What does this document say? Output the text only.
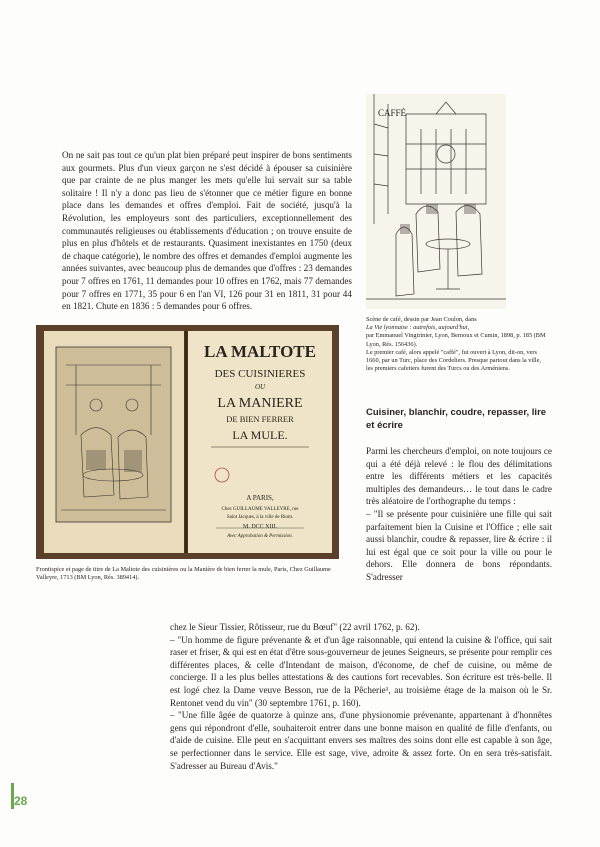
On ne sait pas tout ce qu'un plat bien préparé peut inspirer de bons sentiments aux gourmets. Plus d'un vieux garçon ne s'est décidé à épouser sa cuisinière que par crainte de ne plus manger les mets qu'elle lui servait sur sa table solitaire ! Il n'y a donc pas lieu de s'étonner que ce métier figure en bonne place dans les demandes et offres d'emploi. Fait de société, jusqu'à la Révolution, les employeurs sont des particuliers, exceptionnellement des communautés religieuses ou établissements d'éducation ; on trouve ensuite de plus en plus d'hôtels et de restaurants. Quasiment inexistantes en 1750 (deux de chaque catégorie), le nombre des offres et demandes d'emploi augmente les années suivantes, avec beaucoup plus de demandes que d'offres : 23 demandes pour 7 offres en 1761, 11 demandes pour 10 offres en 1762, mais 77 demandes pour 7 offres en 1771, 35 pour 6 en l'an VI, 126 pour 31 en 1811, 31 pour 44 en 1821. Chute en 1836 : 5 demandes pour 6 offres.

CAFFÉ

Scène de café, dessin par Jean Coulon, dans

La Vie lyonnaise : autrefois, aujourd'hui,

par Emmanuel Vingtrinier, Lyon, Bernoux et Cumin, 1898, p. 185 (BM Lyon, Rés. 156436).

Le premier café, alors appelé "caffé", fut ouvert à Lyon, dit-on, vers 1660, par un Turc, place des Cordeliers. Presque partout dans la ville, les premiers cafetiers furent des Turcs ou des Arméniens.

LA MALTOTE
DES CUISINIERES
OU
LA MANIERE
DE BIEN FERRER
LA MULE.
A PARIS,
Chez GUILLAUME VALLEYRE, rue
Saint Jacques, à la ville de Riom.
M. DCC XIII.
Avec Approbation & Permission.

Frontispice et page de titre de La Maltote des cuisinières ou la Manière de bien ferrer la mule, Paris, Chez Guillaume Valleyre, 1713 (BM Lyon, Rés. 389414).

Cuisiner, blanchir, coudre, repasser, lire et écrire

Parmi les chercheurs d'emploi, on note toujours ce qui a été déjà relevé : le flou des délimitations entre les différents métiers et les capacités multiples des demandeurs… le tout dans le cadre très aléatoire de l'orthographe du temps :

– "Il se présente pour cuisinière une fille qui sait parfaitement bien la Cuisine et l'Office ; elle sait aussi blanchir, coudre & repasser, lire & écrire : il lui est égal que ce soit pour la ville ou pour le dehors. Elle donnera de bons répondants. S'adresser

chez le Sieur Tissier, Rôtisseur, rue du Bœuf" (22 avril 1762, p. 62).

– "Un homme de figure prévenante & et d'un âge raisonnable, qui entend la cuisine & l'office, qui sait raser et friser, & qui est en état d'être sous-gouverneur de jeunes Seigneurs, se présente pour remplir ces différentes places, & celle d'Intendant de maison, d'économe, de chef de cuisine, ou même de concierge. Il a les plus belles attestations & des cautions fort recevables. Son écriture est très-belle. Il est logé chez la Dame veuve Besson, rue de la Pêcherie¹, au troisième étage de la maison où le Sr. Rentonet vend du vin" (30 septembre 1761, p. 160).

– "Une fille âgée de quatorze à quinze ans, d'une physionomie prévenante, appartenant à d'honnêtes gens qui répondront d'elle, souhaiteroit entrer dans une bonne maison en qualité de fille d'enfants, ou d'aide de cuisine. Elle peut en s'acquittant envers ses maîtres des soins dont elle est capable à son âge, se perfectionner dans le service. Elle est sage, vive, adroite & assez forte. On en sera très-satisfait. S'adresser au Bureau d'Avis."

28
